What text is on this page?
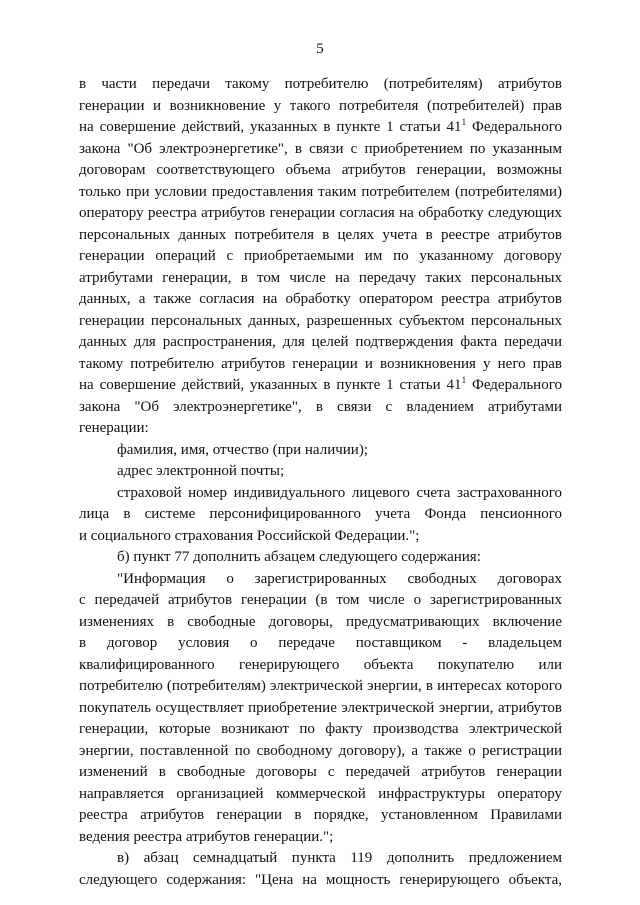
5

в части передачи такому потребителю (потребителям) атрибутов

генерации и возникновение у такого потребителя (потребителей) прав

на совершение действий, указанных в пункте 1 статьи $41^1$ Федерального

закона "Об электроэнергетике", в связи с приобретением по указанным

договорам соответствующего объема атрибутов генерации, возможны

только при условии предоставления таким потребителем (потребителями)

оператору реестра атрибутов генерации согласия на обработку следующих

персональных данных потребителя в целях учета в реестре атрибутов

генерации операций с приобретаемыми им по указанному договору

атрибутами генерации, в том числе на передачу таких персональных

данных, а также согласия на обработку оператором реестра атрибутов

генерации персональных данных, разрешенных субъектом персональных

данных для распространения, для целей подтверждения факта передачи

такому потребителю атрибутов генерации и возникновения у него прав

на совершение действий, указанных в пункте 1 статьи $41^1$ Федерального

закона "Об электроэнергетике", в связи с владением атрибутами

генерации:

фамилия, имя, отчество (при наличии);

адрес электронной почты;

страховой номер индивидуального лицевого счета застрахованного

лица в системе персонифицированного учета Фонда пенсионного

и социального страхования Российской Федерации.";

б) пункт 77 дополнить абзацем следующего содержания:

"Информация о зарегистрированных свободных договорах

с передачей атрибутов генерации (в том числе о зарегистрированных

изменениях в свободные договоры, предусматривающих включение

в договор условия о передаче поставщиком - владельцем

квалифицированного генерирующего объекта покупателю или

потребителю (потребителям) электрической энергии, в интересах которого

покупатель осуществляет приобретение электрической энергии, атрибутов

генерации, которые возникают по факту производства электрической

энергии, поставленной по свободному договору), а также о регистрации

изменений в свободные договоры с передачей атрибутов генерации

направляется организацией коммерческой инфраструктуры оператору

реестра атрибутов генерации в порядке, установленном Правилами

ведения реестра атрибутов генерации.";

в) абзац семнадцатый пункта 119 дополнить предложением

следующего содержания: "Цена на мощность генерирующего объекта,
